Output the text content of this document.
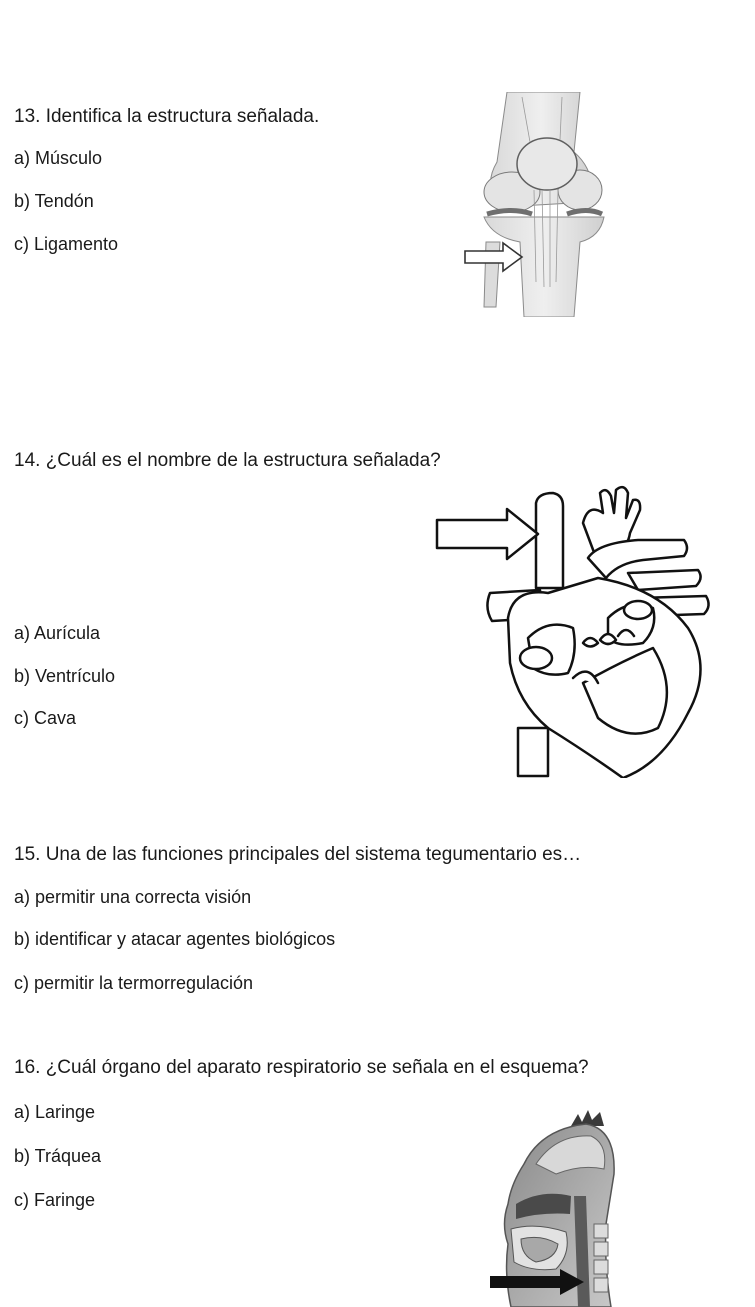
13. Identifica la estructura señalada.
a) Músculo
b) Tendón
c) Ligamento
14. ¿Cuál es el nombre de la estructura señalada?
a) Aurícula
b) Ventrículo
c) Cava
15. Una de las funciones principales del sistema tegumentario es…
a) permitir una correcta visión
b) identificar y atacar agentes biológicos
c) permitir la termorregulación
16. ¿Cuál órgano del aparato respiratorio se señala en el esquema?
a) Laringe
b) Tráquea
c) Faringe
